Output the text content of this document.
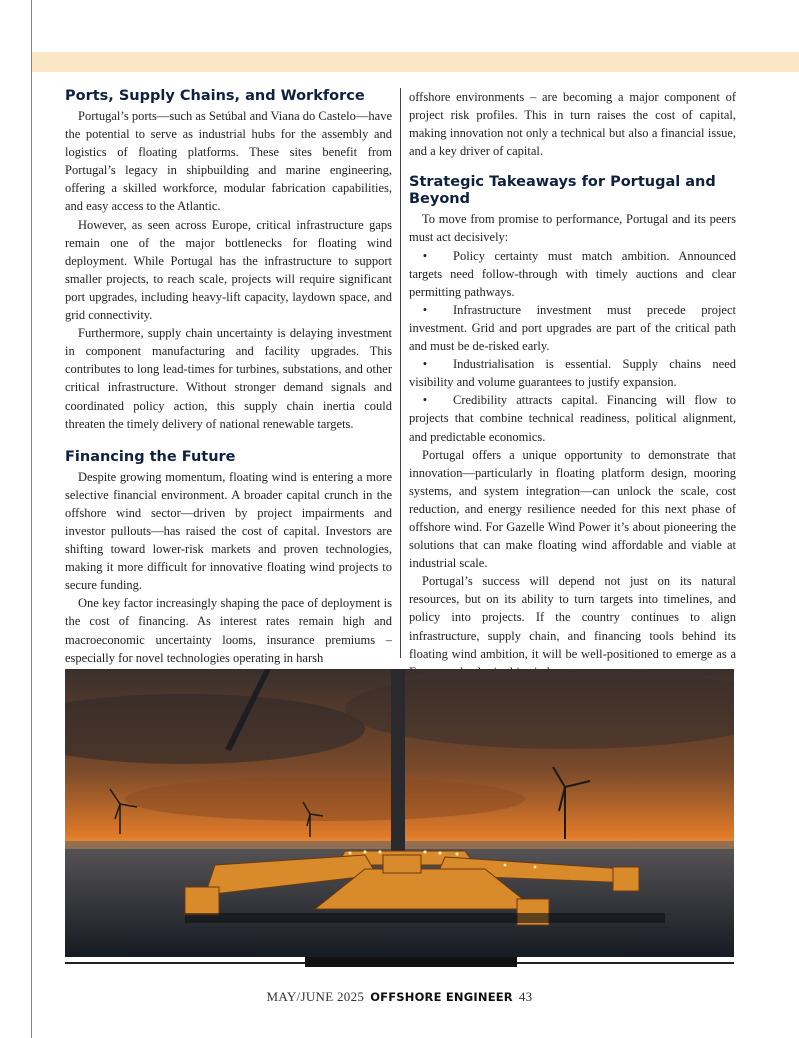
Ports, Supply Chains, and Workforce

Portugal’s ports—such as Setúbal and Viana do Castelo—have the potential to serve as industrial hubs for the assembly and logistics of floating platforms. These sites benefit from Portugal’s legacy in shipbuilding and marine engineering, offering a skilled workforce, modular fabrication capabilities, and easy access to the Atlantic.

However, as seen across Europe, critical infrastructure gaps remain one of the major bottlenecks for floating wind deployment. While Portugal has the infrastructure to support smaller projects, to reach scale, projects will require significant port upgrades, including heavy-lift capacity, laydown space, and grid connectivity.

Furthermore, supply chain uncertainty is delaying investment in component manufacturing and facility upgrades. This contributes to long lead-times for turbines, substations, and other critical infrastructure. Without stronger demand signals and coordinated policy action, this supply chain inertia could threaten the timely delivery of national renewable targets.

Financing the Future

Despite growing momentum, floating wind is entering a more selective financial environment. A broader capital crunch in the offshore wind sector—driven by project impairments and investor pullouts—has raised the cost of capital. Investors are shifting toward lower-risk markets and proven technologies, making it more difficult for innovative floating wind projects to secure funding.

One key factor increasingly shaping the pace of deployment is the cost of financing. As interest rates remain high and macroeconomic uncertainty looms, insurance premiums – especially for novel technologies operating in harsh

offshore environments – are becoming a major component of project risk profiles. This in turn raises the cost of capital, making innovation not only a technical but also a financial issue, and a key driver of capital.

Strategic Takeaways for Portugal and Beyond

To move from promise to performance, Portugal and its peers must act decisively:

• Policy certainty must match ambition. Announced targets need follow-through with timely auctions and clear permitting pathways.

• Infrastructure investment must precede project investment. Grid and port upgrades are part of the critical path and must be de-risked early.

• Industrialisation is essential. Supply chains need visibility and volume guarantees to justify expansion.

• Credibility attracts capital. Financing will flow to projects that combine technical readiness, political alignment, and predictable economics.

Portugal offers a unique opportunity to demonstrate that innovation—particularly in floating platform design, mooring systems, and system integration—can unlock the scale, cost reduction, and energy resilience needed for this next phase of offshore wind. For Gazelle Wind Power it’s about pioneering the solutions that can make floating wind affordable and viable at industrial scale.

Portugal’s success will depend not just on its natural resources, but on its ability to turn targets into timelines, and policy into projects. If the country continues to align infrastructure, supply chain, and financing tools behind its floating wind ambition, it will be well-positioned to emerge as a

MAY/JUNE 2025 OFFSHORE ENGINEER 43
